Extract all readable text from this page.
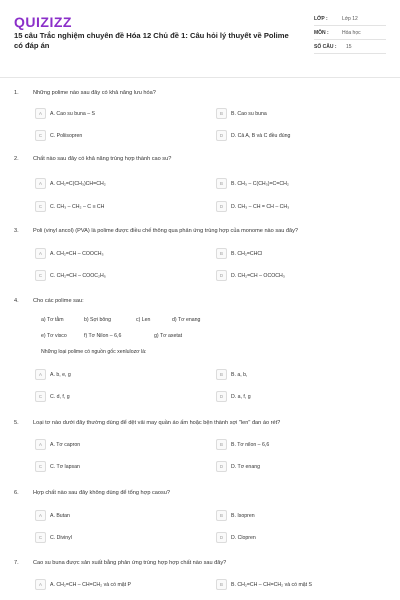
QUIZIZZ
15 câu Trắc nghiệm chuyên đề Hóa 12 Chủ đề 1: Câu hỏi lý thuyết về Polime có đáp án
LỚP :	Lớp 12
MÔN :	Hóa học
SỐ CÂU :	15
1.	Những polime nào sau đây có khả năng lưu hóa?
A	A. Cao su buna – S	B	B. Cao su buna
C	C. Poliisopren	D	D. Cả A, B và C đều đúng
2.	Chất nào sau đây có khả năng trùng hợp thành cao su?
A	A. CH₂=C(CH₃)CH=CH₂	B	B. CH₃ – C(CH₃)=C=CH₂
C	C. CH₃ – CH₂ – C ≡ CH	D	D. CH₃ – CH = CH – CH₃
3.	Poli (vinyl ancol) (PVA) là polime được điều chế thông qua phản ứng trùng hợp của monome nào sau đây?
A	A. CH₂=CH – COOCH₃	B	B. CH₂=CHCl
C	C. CH₂=CH – COOC₂H₅	D	D. CH₂=CH – OCOCH₃
4.	Cho các polime sau:
a) Tơ tằm	b) Sợi bông	c) Len	d) Tơ enang
e) Tơ visco	f) Tơ Nilon – 6,6	g) Tơ axetat
Những loại polime có nguồn gốc xenlulozơ là:
A	A. b, e, g	B	B. a, b,
C	C. d, f, g	D	D. a, f, g
5.	Loại tơ nào dưới đây thường dùng để dệt vải may quần áo ấm hoặc bện thành sợi "len" đan áo rét?
A	A. Tơ capron	B	B. Tơ nilon – 6,6
C	C. Tơ lapsan	D	D. Tơ enang
6.	Hợp chất nào sau đây không dùng để tổng hợp caosu?
A	A. Butan	B	B. Isopren
C	C. Divinyl	D	D. Clopren
7.	Cao su buna được sản xuất bằng phản ứng trùng hợp hợp chất nào sau đây?
A	A. CH₂=CH – CH=CH₂ và có mặt P	B	B. CH₂=CH – CH=CH₂ và có mặt S
